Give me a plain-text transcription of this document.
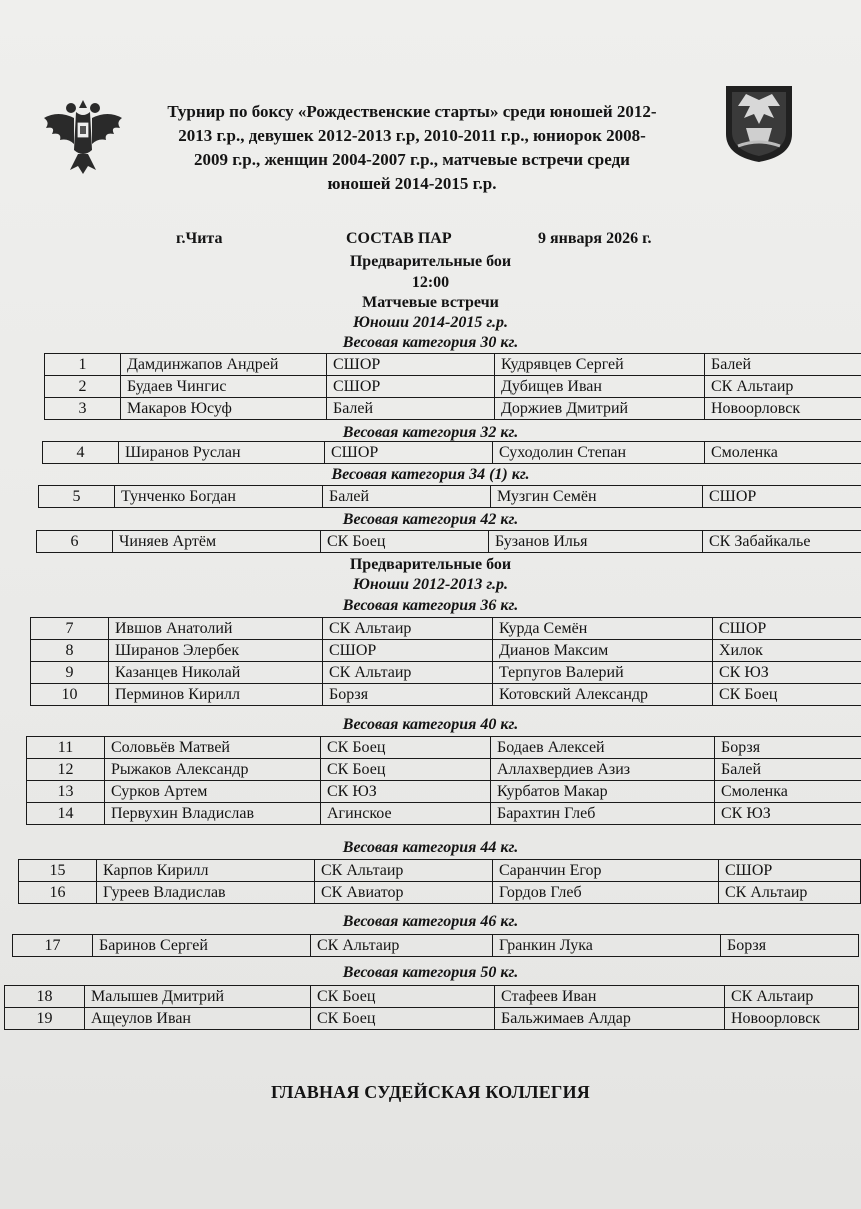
Турнир по боксу «Рождественские старты» среди юношей 2012-
2013 г.р., девушек 2012-2013 г.р, 2010-2011 г.р., юниорок 2008-
2009 г.р., женщин 2004-2007 г.р., матчевые встречи среди
юношей 2014-2015 г.р.
г.Чита	СОСТАВ ПАР	9 января 2026 г.
Предварительные бои
12:00
Матчевые встречи
Юноши 2014-2015 г.р.
Весовая категория 30 кг.
1	Дамдинжапов Андрей	СШОР	Кудрявцев Сергей	Балей
2	Будаев Чингис	СШОР	Дубищев Иван	СК Альтаир
3	Макаров Юсуф	Балей	Доржиев Дмитрий	Новоорловск
Весовая категория 32 кг.
4	Ширанов Руслан	СШОР	Суходолин Степан	Смоленка
Весовая категория 34 (1) кг.
5	Тунченко Богдан	Балей	Музгин Семён	СШОР
Весовая категория 42 кг.
6	Чиняев Артём	СК Боец	Бузанов Илья	СК Забайкалье
Предварительные бои
Юноши 2012-2013 г.р.
Весовая категория 36 кг.
7	Ившов Анатолий	СК Альтаир	Курда Семён	СШОР
8	Ширанов Элербек	СШОР	Дианов Максим	Хилок
9	Казанцев Николай	СК Альтаир	Терпугов Валерий	СК ЮЗ
10	Перминов Кирилл	Борзя	Котовский Александр	СК Боец
Весовая категория 40 кг.
11	Соловьёв Матвей	СК Боец	Бодаев Алексей	Борзя
12	Рыжаков Александр	СК Боец	Аллахвердиев Азиз	Балей
13	Сурков Артем	СК ЮЗ	Курбатов Макар	Смоленка
14	Первухин Владислав	Агинское	Барахтин Глеб	СК ЮЗ
Весовая категория 44 кг.
15	Карпов Кирилл	СК Альтаир	Саранчин Егор	СШОР
16	Гуреев Владислав	СК Авиатор	Гордов Глеб	СК Альтаир
Весовая категория 46 кг.
17	Баринов Сергей	СК Альтаир	Гранкин Лука	Борзя
Весовая категория 50 кг.
18	Малышев Дмитрий	СК Боец	Стафеев Иван	СК Альтаир
19	Ащеулов Иван	СК Боец	Бальжимаев Алдар	Новоорловск
ГЛАВНАЯ СУДЕЙСКАЯ КОЛЛЕГИЯ
